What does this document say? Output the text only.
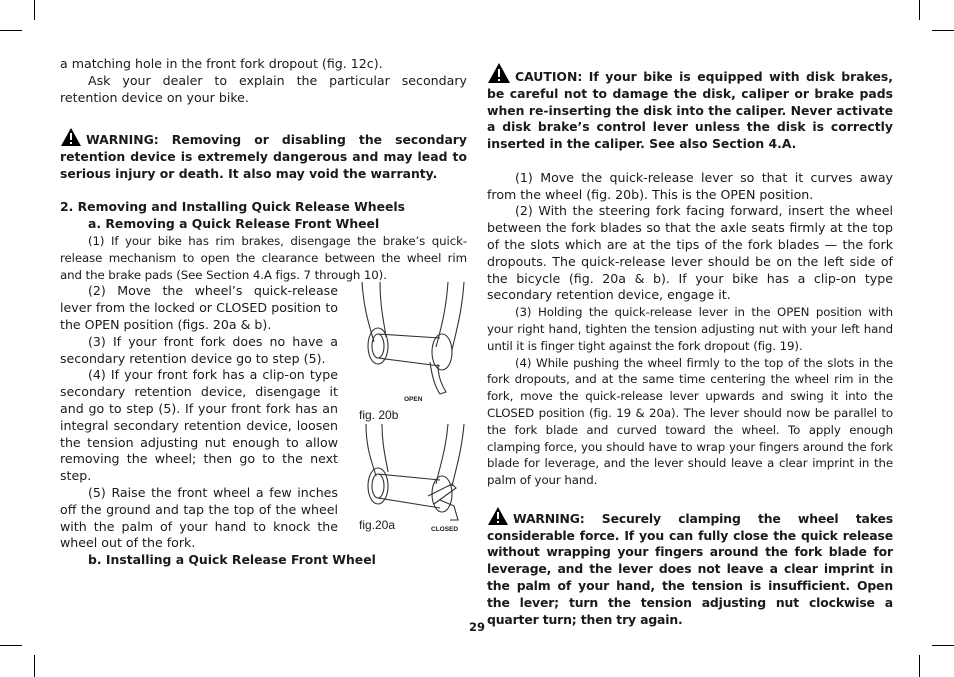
a matching hole in the front fork dropout (fig. 12c).

Ask your dealer to explain the particular secondary retention device on your bike.

WARNING: Removing or disabling the secondary retention device is extremely dangerous and may lead to serious injury or death. It also may void the warranty.

2. Removing and Installing Quick Release Wheels

a. Removing a Quick Release Front Wheel

(1) If your bike has rim brakes, disengage the brake’s quick-release mechanism to open the clearance between the wheel rim and the brake pads (See Section 4.A figs. 7 through 10).

(2) Move the wheel’s quick-release lever from the locked or CLOSED position to the OPEN position (figs. 20a & b).

(3) If your front fork does no have a secondary retention device go to step (5).

(4) If your front fork has a clip-on type secondary retention device, disengage it and go to step (5). If your front fork has an integral secondary retention device, loosen the tension adjusting nut enough to allow removing the wheel; then go to the next step.

(5) Raise the front wheel a few inches off the ground and tap the top of the wheel with the palm of your hand to knock the wheel out of the fork.

b. Installing a Quick Release Front Wheel

OPEN
fig. 20b
fig.20a	CLOSED

CAUTION: If your bike is equipped with disk brakes, be careful not to damage the disk, caliper or brake pads when re-inserting the disk into the caliper. Never activate a disk brake’s control lever unless the disk is correctly inserted in the caliper. See also Section 4.A.

(1) Move the quick-release lever so that it curves away from the wheel (fig. 20b). This is the OPEN position.

(2) With the steering fork facing forward, insert the wheel between the fork blades so that the axle seats firmly at the top of the slots which are at the tips of the fork blades — the fork dropouts. The quick-release lever should be on the left side of the bicycle (fig. 20a & b). If your bike has a clip-on type secondary retention device, engage it.

(3) Holding the quick-release lever in the OPEN position with your right hand, tighten the tension adjusting nut with your left hand until it is finger tight against the fork dropout (fig. 19).

(4) While pushing the wheel firmly to the top of the slots in the fork dropouts, and at the same time centering the wheel rim in the fork, move the quick-release lever upwards and swing it into the CLOSED position (fig. 19 & 20a). The lever should now be parallel to the fork blade and curved toward the wheel. To apply enough clamping force, you should have to wrap your fingers around the fork blade for leverage, and the lever should leave a clear imprint in the palm of your hand.

WARNING: Securely clamping the wheel takes considerable force. If you can fully close the quick release without wrapping your fingers around the fork blade for leverage, and the lever does not leave a clear imprint in the palm of your hand, the tension is insufficient. Open the lever; turn the tension adjusting nut clockwise a quarter turn; then try again.

29
